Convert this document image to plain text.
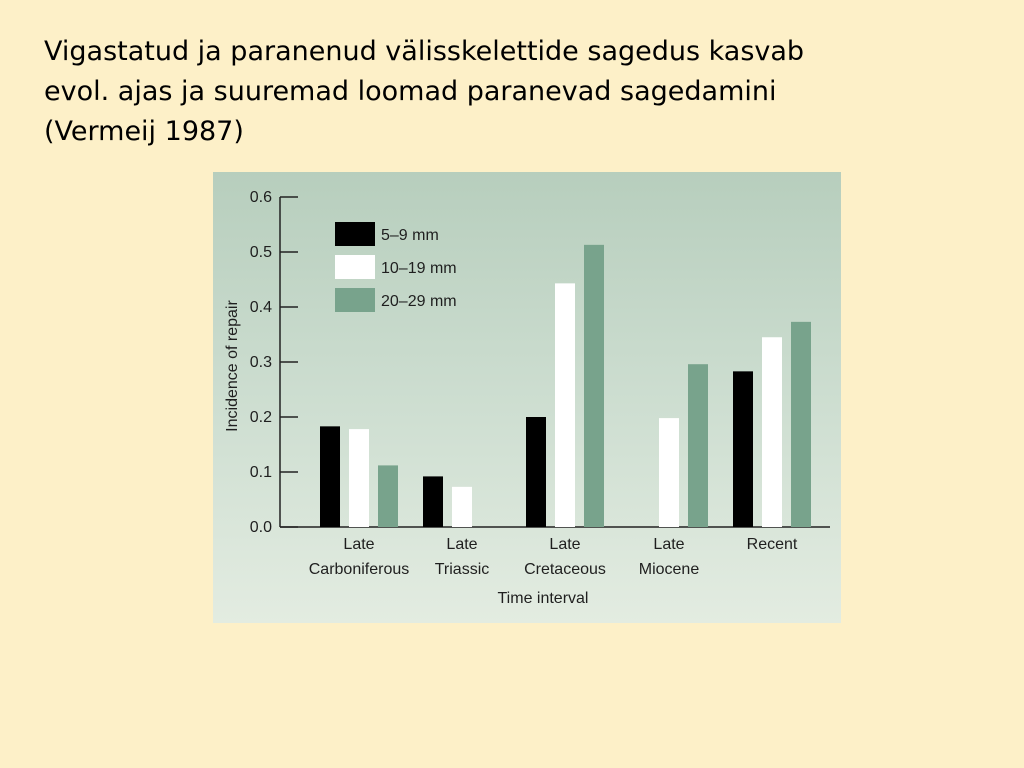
Vigastatud ja paranenud välisskelettide sagedus kasvab
evol. ajas ja suuremad loomad paranevad sagedamini
(Vermeij 1987)
0.0
0.1
0.2
0.3
0.4
0.5
0.6
Incidence of repair
Late
Carboniferous
Late
Triassic
Late
Cretaceous
Late
Miocene
Recent
Time interval
5–9 mm
10–19 mm
20–29 mm
